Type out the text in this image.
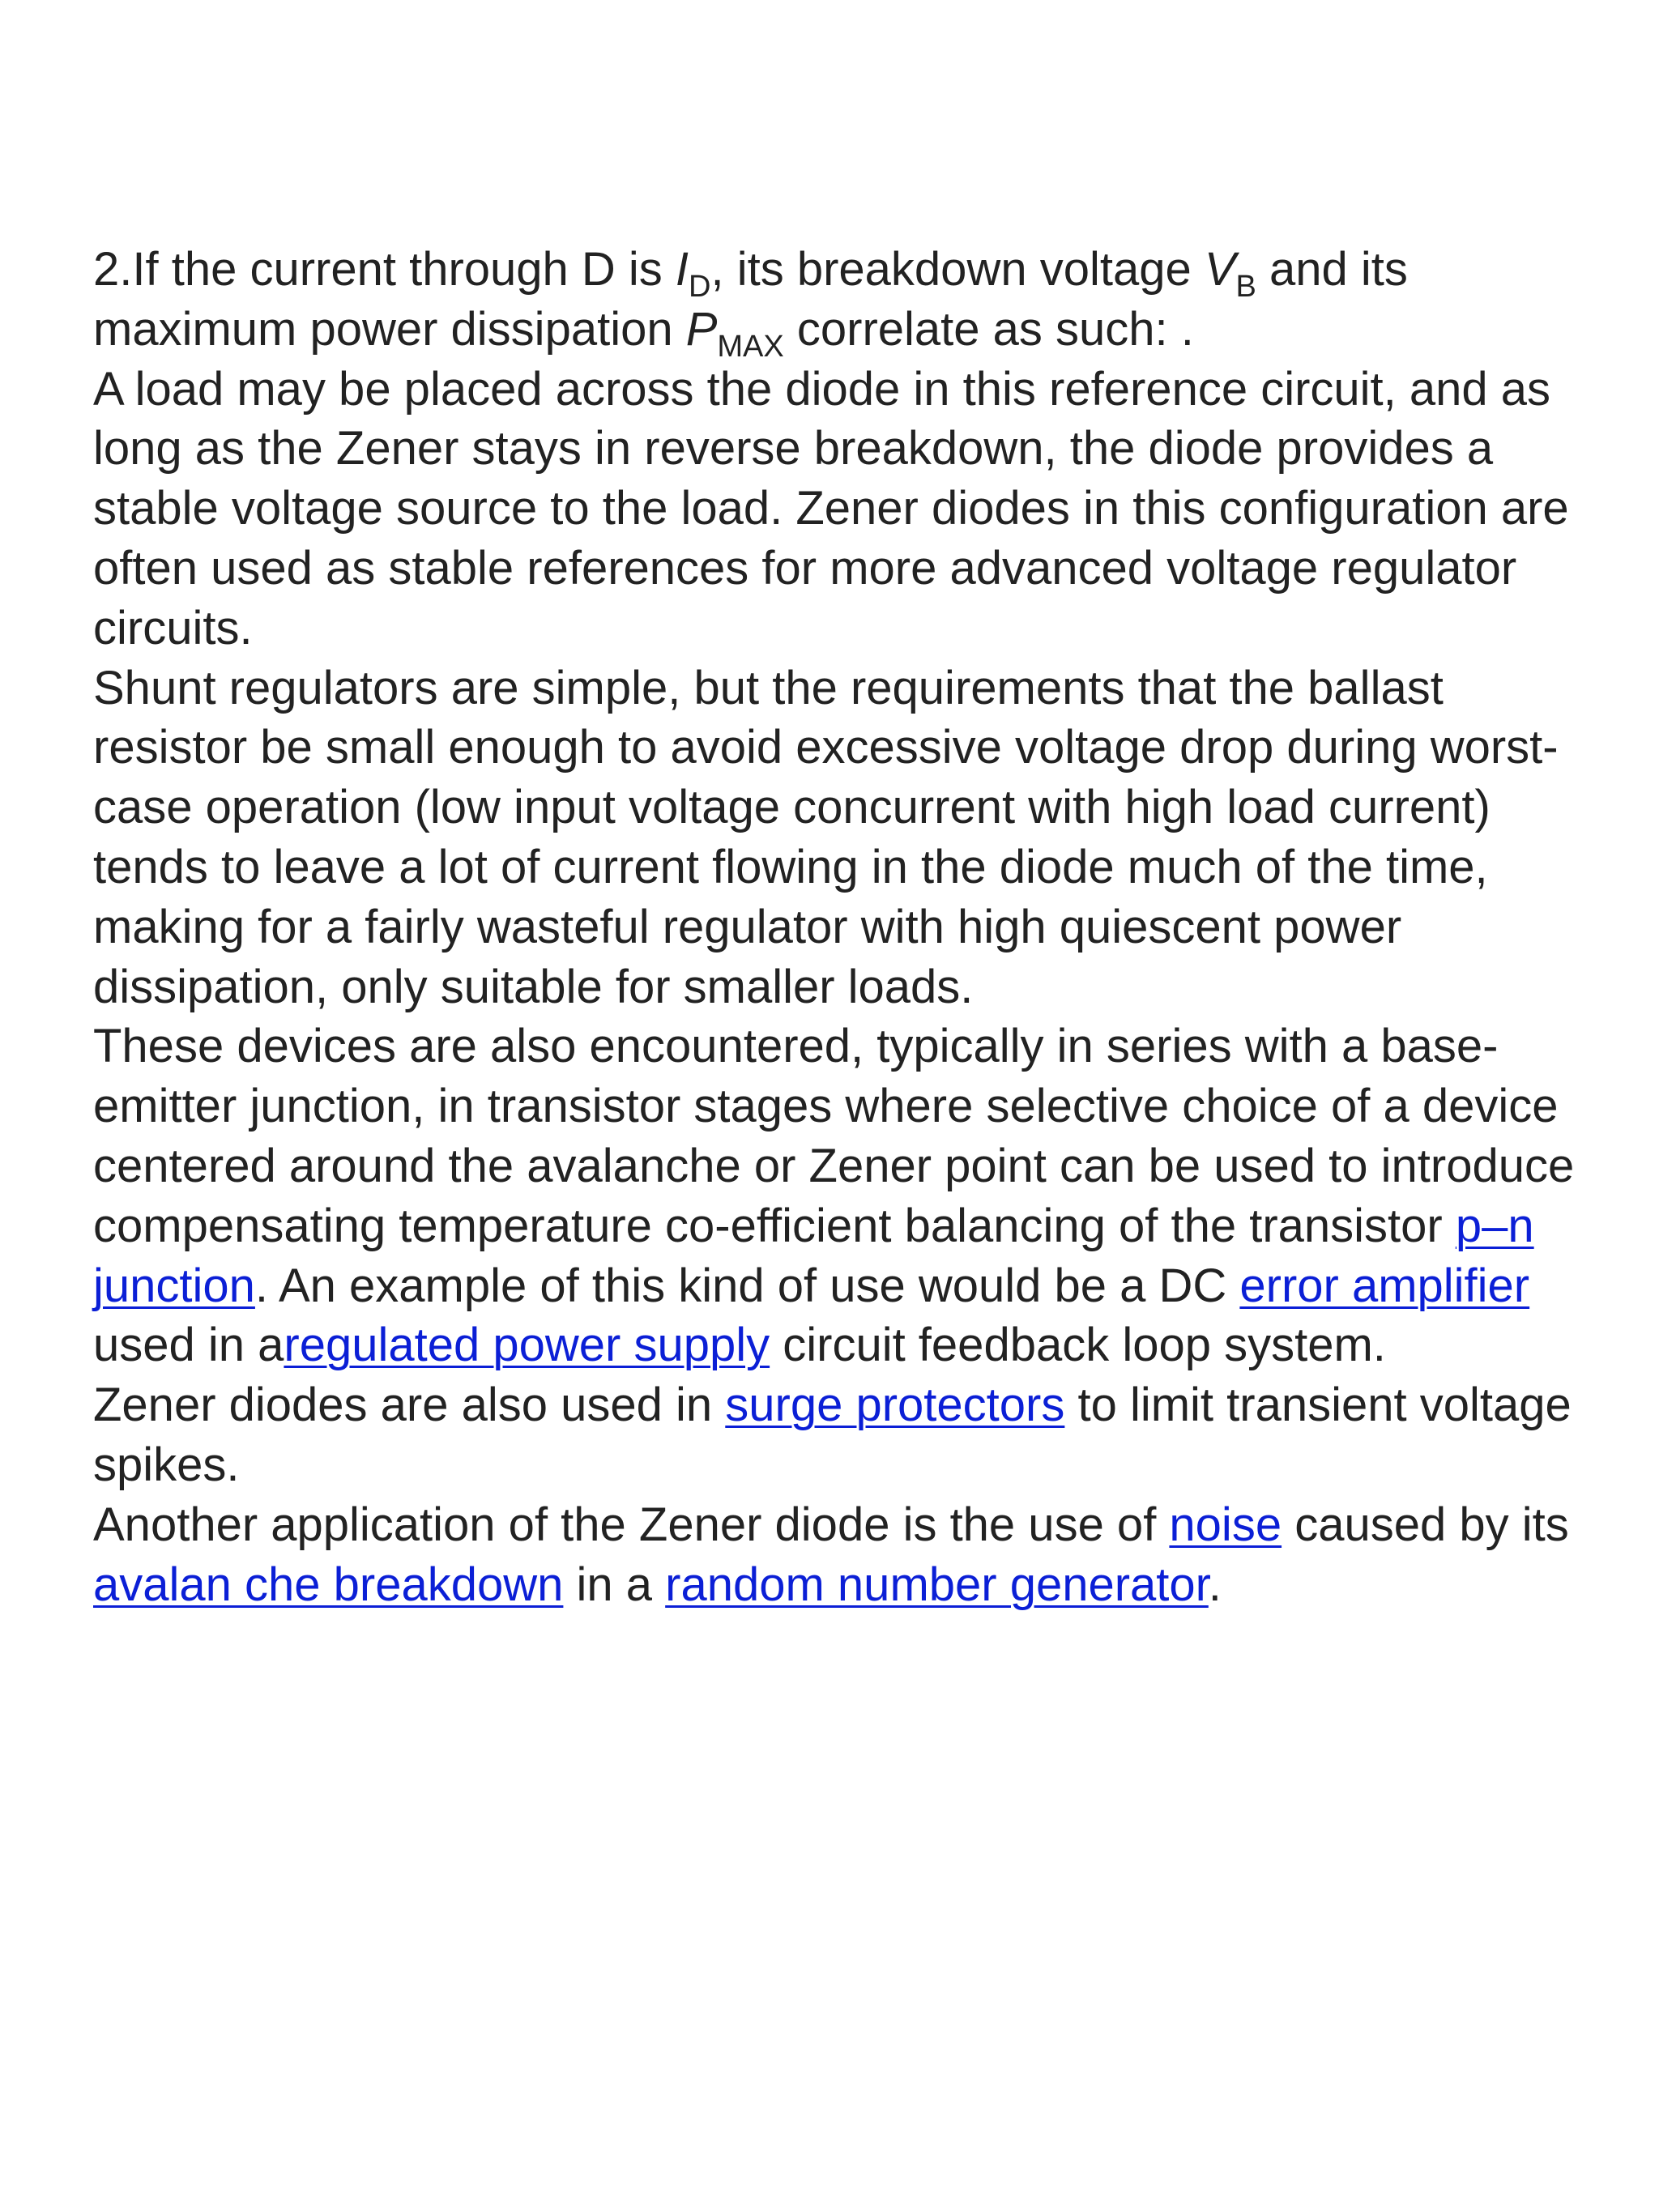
2.If the current through D is $I_D$, its breakdown voltage $V_B$ and its maximum power dissipation $P_{MAX}$ correlate as such: .

A load may be placed across the diode in this reference circuit, and as long as the Zener stays in reverse breakdown, the diode provides a stable voltage source to the load. Zener diodes in this configuration are often used as stable references for more advanced voltage regulator circuits.

Shunt regulators are simple, but the requirements that the ballast resistor be small enough to avoid excessive voltage drop during worst-case operation (low input voltage concurrent with high load current) tends to leave a lot of current flowing in the diode much of the time, making for a fairly wasteful regulator with high quiescent power dissipation, only suitable for smaller loads.

These devices are also encountered, typically in series with a base-emitter junction, in transistor stages where selective choice of a device centered around the avalanche or Zener point can be used to introduce compensating temperature co-efficient balancing of the transistor p–n junction. An example of this kind of use would be a DC error amplifier used in aregulated power supply circuit feedback loop system.

Zener diodes are also used in surge protectors to limit transient voltage spikes.

Another application of the Zener diode is the use of noise caused by its avalan che breakdown in a random number generator.
